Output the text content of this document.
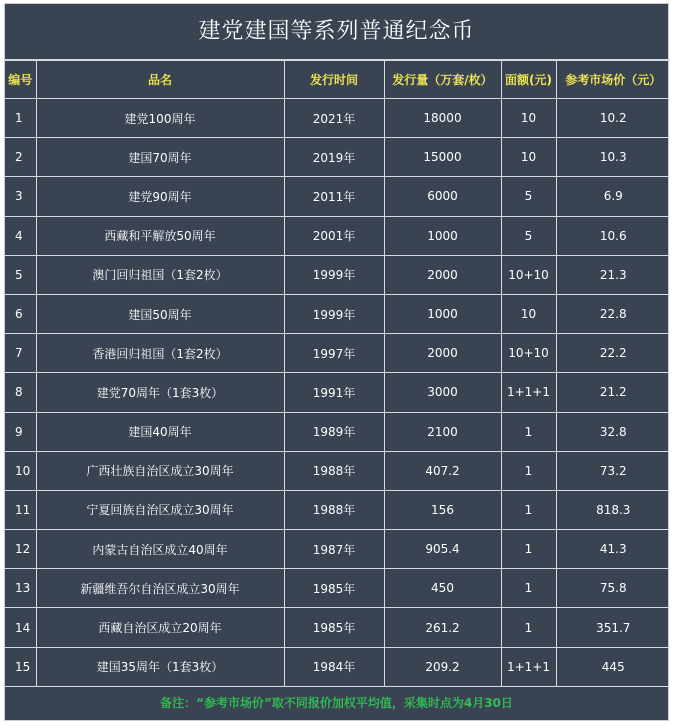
建党建国等系列普通纪念币
编号	品名	发行时间	发行量（万套/枚）	面额(元)	参考市场价（元）
1	建党100周年	2021年	18000	10	10.2
2	建国70周年	2019年	15000	10	10.3
3	建党90周年	2011年	6000	5	6.9
4	西藏和平解放50周年	2001年	1000	5	10.6
5	澳门回归祖国（1套2枚）	1999年	2000	10+10	21.3
6	建国50周年	1999年	1000	10	22.8
7	香港回归祖国（1套2枚）	1997年	2000	10+10	22.2
8	建党70周年（1套3枚）	1991年	3000	1+1+1	21.2
9	建国40周年	1989年	2100	1	32.8
10	广西壮族自治区成立30周年	1988年	407.2	1	73.2
11	宁夏回族自治区成立30周年	1988年	156	1	818.3
12	内蒙古自治区成立40周年	1987年	905.4	1	41.3
13	新疆维吾尔自治区成立30周年	1985年	450	1	75.8
14	西藏自治区成立20周年	1985年	261.2	1	351.7
15	建国35周年（1套3枚）	1984年	209.2	1+1+1	445
备注：“参考市场价”取不同报价加权平均值，采集时点为4月30日
